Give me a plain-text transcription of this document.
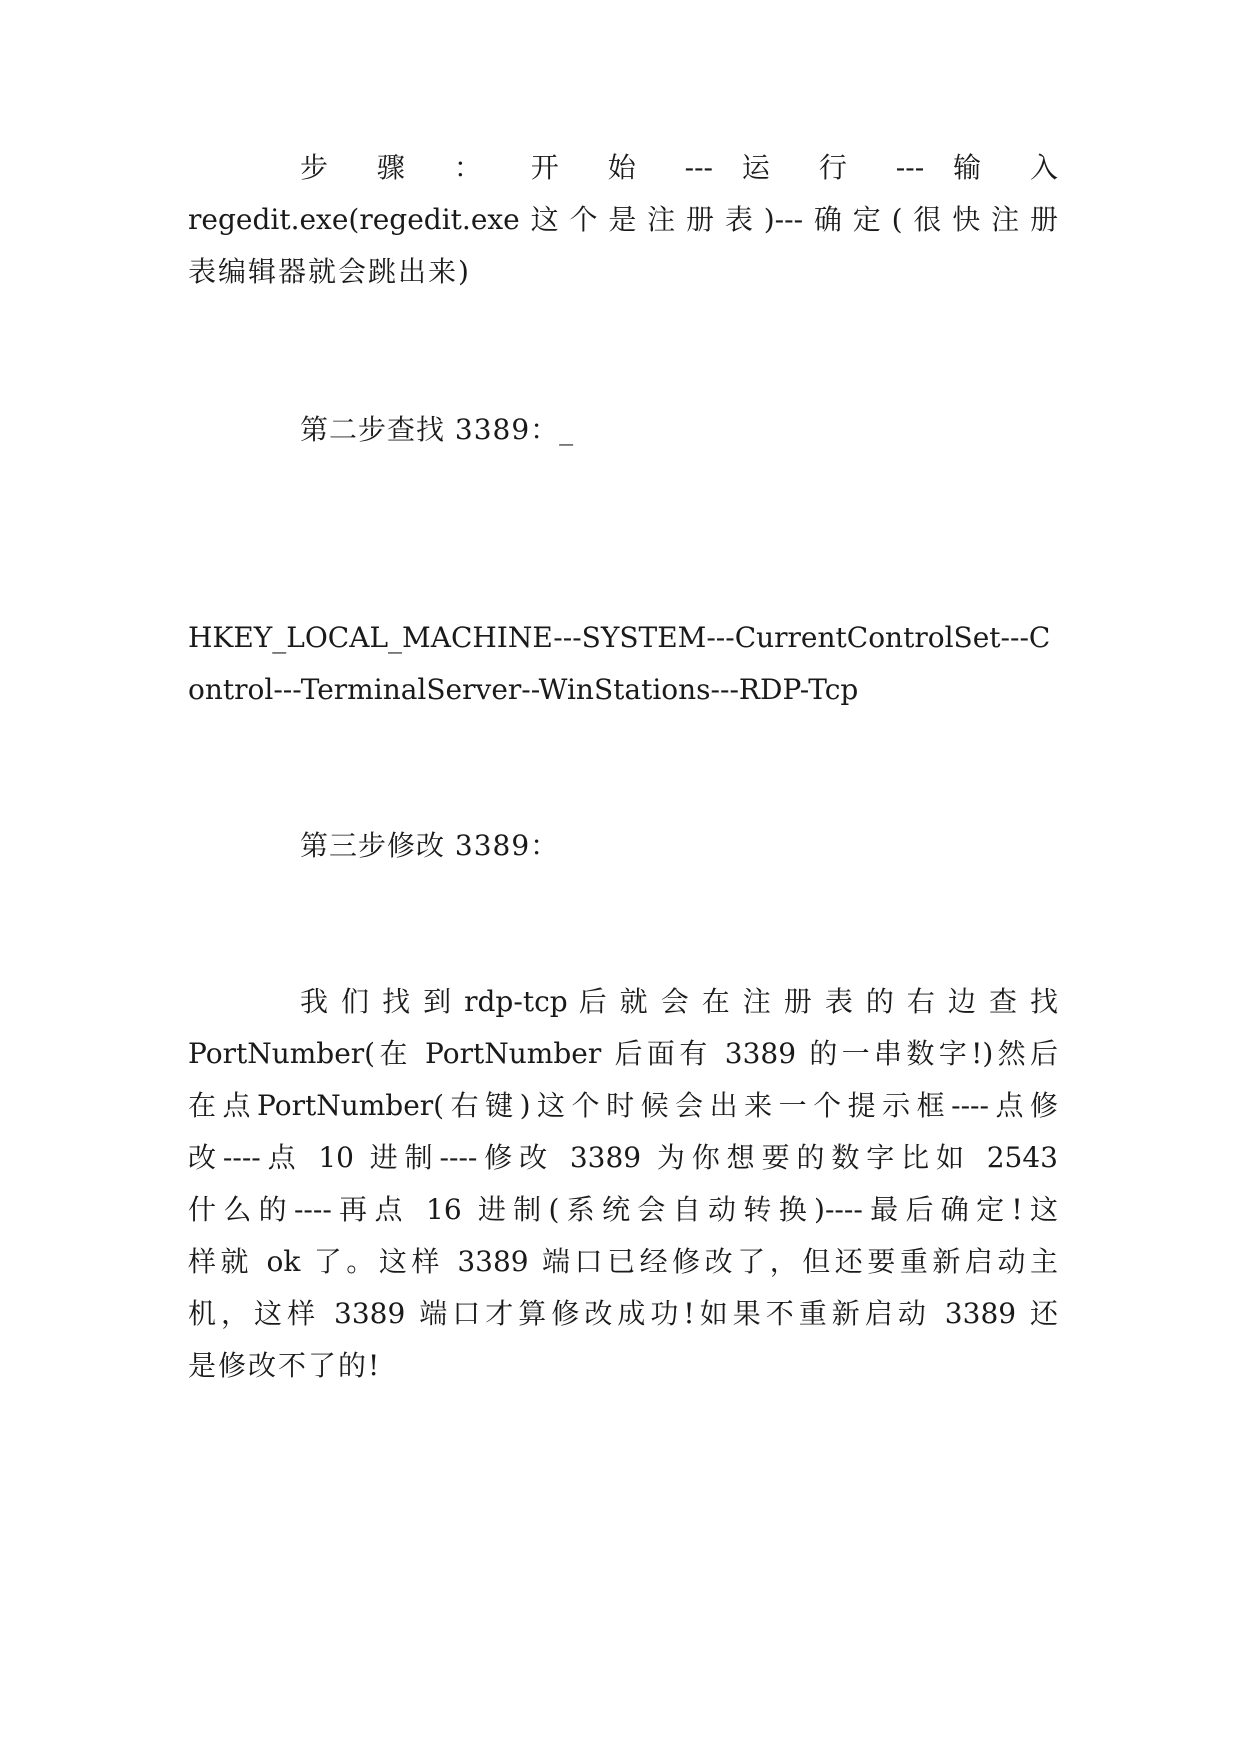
步 骤 ： 开 始 --- 运 行 --- 输 入

regedit.exe(regedit.exe这个是注册表)---确定(很快注册

表编辑器就会跳出来)

第二步查找 3389：_

HKEY_LOCAL_MACHINE---SYSTEM---CurrentControlSet---C

ontrol---TerminalServer--WinStations---RDP-Tcp

第三步修改 3389：

我 们 找 到 rdp-tcp 后 就 会 在 注 册 表 的 右 边 查 找

PortNumber(在 PortNumber 后面有 3389 的一串数字!)然后

在点PortNumber(右键)这个时候会出来一个提示框----点修

改----点 10 进制----修改 3389 为你想要的数字比如 2543

什么的----再点 16 进制(系统会自动转换)----最后确定!这

样就 ok 了。这样 3389 端口已经修改了，但还要重新启动主

机，这样 3389 端口才算修改成功!如果不重新启动 3389 还

是修改不了的!
